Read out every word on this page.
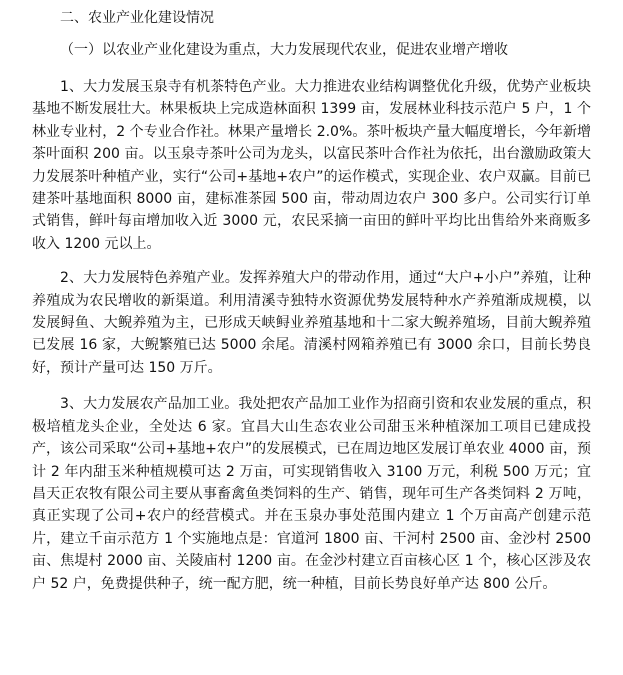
二、农业产业化建设情况
（一）以农业产业化建设为重点，大力发展现代农业，促进农业增产增收

1、大力发展玉泉寺有机茶特色产业。大力推进农业结构调整优化升级，优势产业板块基地不断发展壮大。林果板块上完成造林面积 1399 亩，发展林业科技示范户 5 户，1 个林业专业村，2 个专业合作社。林果产量增长 2.0%。茶叶板块产量大幅度增长，今年新增茶叶面积 200 亩。以玉泉寺茶叶公司为龙头，以富民茶叶合作社为依托，出台激励政策大力发展茶叶种植产业，实行“公司+基地+农户”的运作模式，实现企业、农户双赢。目前已建茶叶基地面积 8000 亩，建标准茶园 500 亩，带动周边农户 300 多户。公司实行订单式销售，鲜叶每亩增加收入近 3000 元，农民采摘一亩田的鲜叶平均比出售给外来商贩多收入 1200 元以上。

2、大力发展特色养殖产业。发挥养殖大户的带动作用，通过“大户+小户”养殖，让种养殖成为农民增收的新渠道。利用清溪寺独特水资源优势发展特种水产养殖渐成规模，以发展鲟鱼、大鲵养殖为主，已形成天峡鲟业养殖基地和十二家大鲵养殖场，目前大鲵养殖已发展 16 家，大鲵繁殖已达 5000 余尾。清溪村网箱养殖已有 3000 余口，目前长势良好，预计产量可达 150 万斤。

3、大力发展农产品加工业。我处把农产品加工业作为招商引资和农业发展的重点，积极培植龙头企业，全处达 6 家。宜昌大山生态农业公司甜玉米种植深加工项目已建成投产，该公司采取“公司+基地+农户”的发展模式，已在周边地区发展订单农业 4000 亩，预计 2 年内甜玉米种植规模可达 2 万亩，可实现销售收入 3100 万元，利税 500 万元；宜昌天正农牧有限公司主要从事畜禽鱼类饲料的生产、销售，现年可生产各类饲料 2 万吨，真正实现了公司+农户的经营模式。并在玉泉办事处范围内建立 1 个万亩高产创建示范片，建立千亩示范方 1 个实施地点是：官道河 1800 亩、干河村 2500 亩、金沙村 2500 亩、焦堤村 2000 亩、关陵庙村 1200 亩。在金沙村建立百亩核心区 1 个，核心区涉及农户 52 户，免费提供种子，统一配方肥，统一种植，目前长势良好单产达 800 公斤。
